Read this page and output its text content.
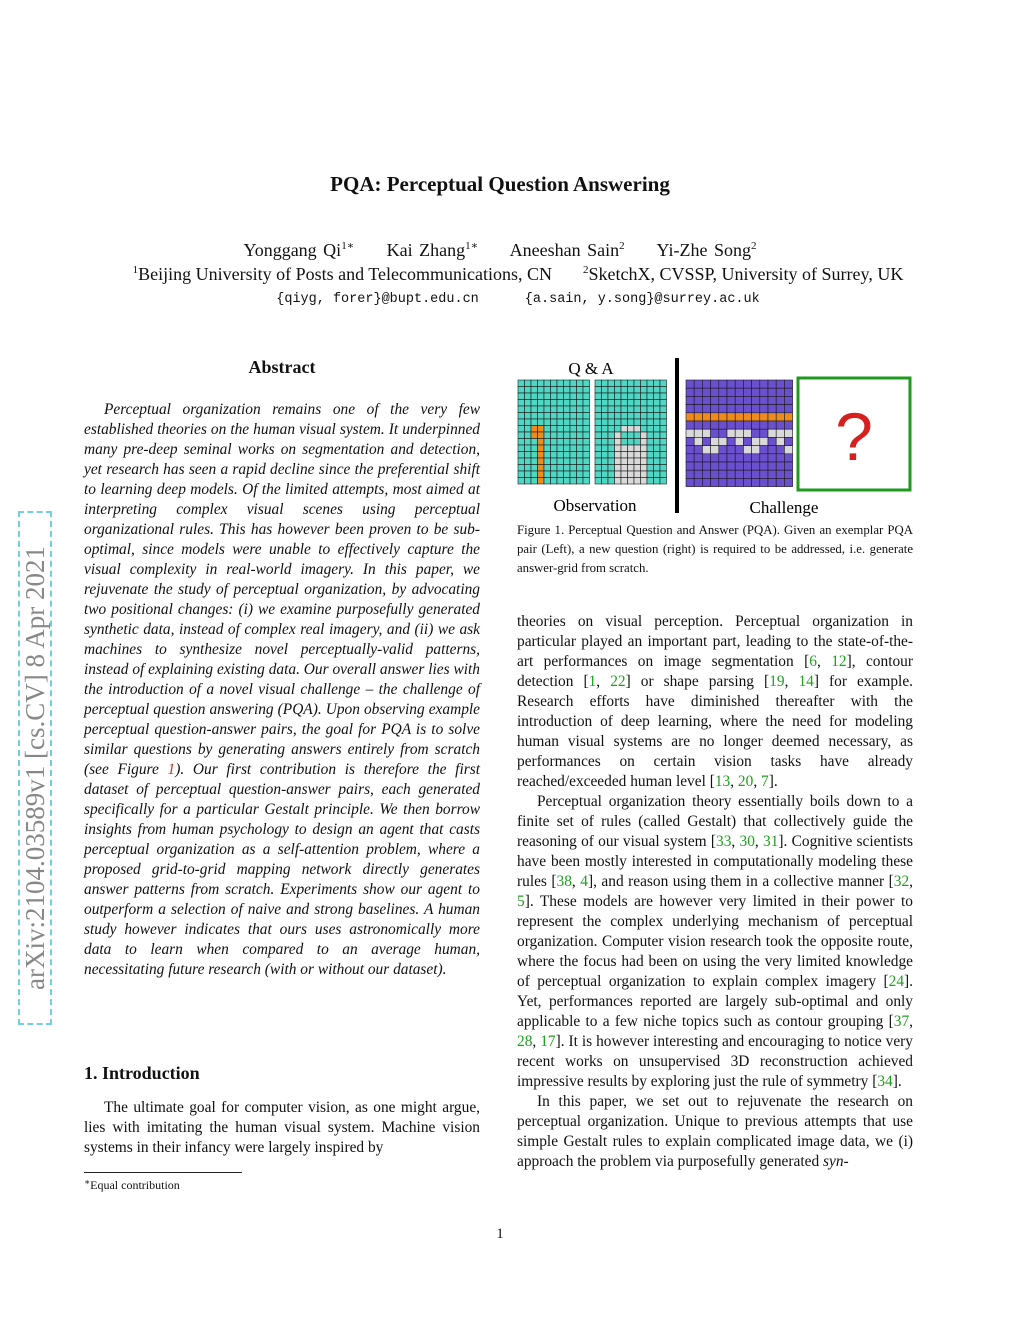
PQA: Perceptual Question Answering
Yonggang $Qi^{1∗}$ Kai Zhang$^{1∗}$ Aneeshan Sain$^2$ Yi-Zhe Song$^2$
$^1$Beijing University of Posts and Telecommunications, CN	$^2$SketchX, CVSSP, University of Surrey, UK
{qiyg, forer}@bupt.edu.cn	{a.sain, y.song}@surrey.ac.uk
arXiv:2104.03589v1 [cs.CV] 8 Apr 2021
Abstract

Perceptual organization remains one of the very few established theories on the human visual system. It underpinned many pre-deep seminal works on segmentation and detection, yet research has seen a rapid decline since the preferential shift to learning deep models. Of the limited attempts, most aimed at interpreting complex visual scenes using perceptual organizational rules. This has however been proven to be sub-optimal, since models were unable to effectively capture the visual complexity in real-world imagery. In this paper, we rejuvenate the study of perceptual organization, by advocating two positional changes: (i) we examine purposefully generated synthetic data, instead of complex real imagery, and (ii) we ask machines to synthesize novel perceptually-valid patterns, instead of explaining existing data. Our overall answer lies with the introduction of a novel visual challenge – the challenge of perceptual question answering (PQA). Upon observing example perceptual question-answer pairs, the goal for PQA is to solve similar questions by generating answers entirely from scratch (see Figure 1). Our first contribution is therefore the first dataset of perceptual question-answer pairs, each generated specifically for a particular Gestalt principle. We then borrow insights from human psychology to design an agent that casts perceptual organization as a self-attention problem, where a proposed grid-to-grid mapping network directly generates answer patterns from scratch. Experiments show our agent to outperform a selection of naive and strong baselines. A human study however indicates that ours uses astronomically more data to learn when compared to an average human, necessitating future research (with or without our dataset).

1. Introduction

The ultimate goal for computer vision, as one might argue, lies with imitating the human visual system. Machine vision systems in their infancy were largely inspired by

∗Equal contribution
Q & A
?
Observation	Challenge
Figure 1. Perceptual Question and Answer (PQA). Given an exemplar PQA pair (Left), a new question (right) is required to be addressed, i.e. generate answer-grid from scratch.

theories on visual perception. Perceptual organization in particular played an important part, leading to the state-of-the-art performances on image segmentation [6, 12], contour detection [1, 22] or shape parsing [19, 14] for example. Research efforts have diminished thereafter with the introduction of deep learning, where the need for modeling human visual systems are no longer deemed necessary, as performances on certain vision tasks have already reached/exceeded human level [13, 20, 7].

Perceptual organization theory essentially boils down to a finite set of rules (called Gestalt) that collectively guide the reasoning of our visual system [33, 30, 31]. Cognitive scientists have been mostly interested in computationally modeling these rules [38, 4], and reason using them in a collective manner [32, 5]. These models are however very limited in their power to represent the complex underlying mechanism of perceptual organization. Computer vision research took the opposite route, where the focus had been on using the very limited knowledge of perceptual organization to explain complex imagery [24]. Yet, performances reported are largely sub-optimal and only applicable to a few niche topics such as contour grouping [37, 28, 17]. It is however interesting and encouraging to notice very recent works on unsupervised 3D reconstruction achieved impressive results by exploring just the rule of symmetry [34].

In this paper, we set out to rejuvenate the research on perceptual organization. Unique to previous attempts that use simple Gestalt rules to explain complicated image data, we (i) approach the problem via purposefully generated syn-

1
